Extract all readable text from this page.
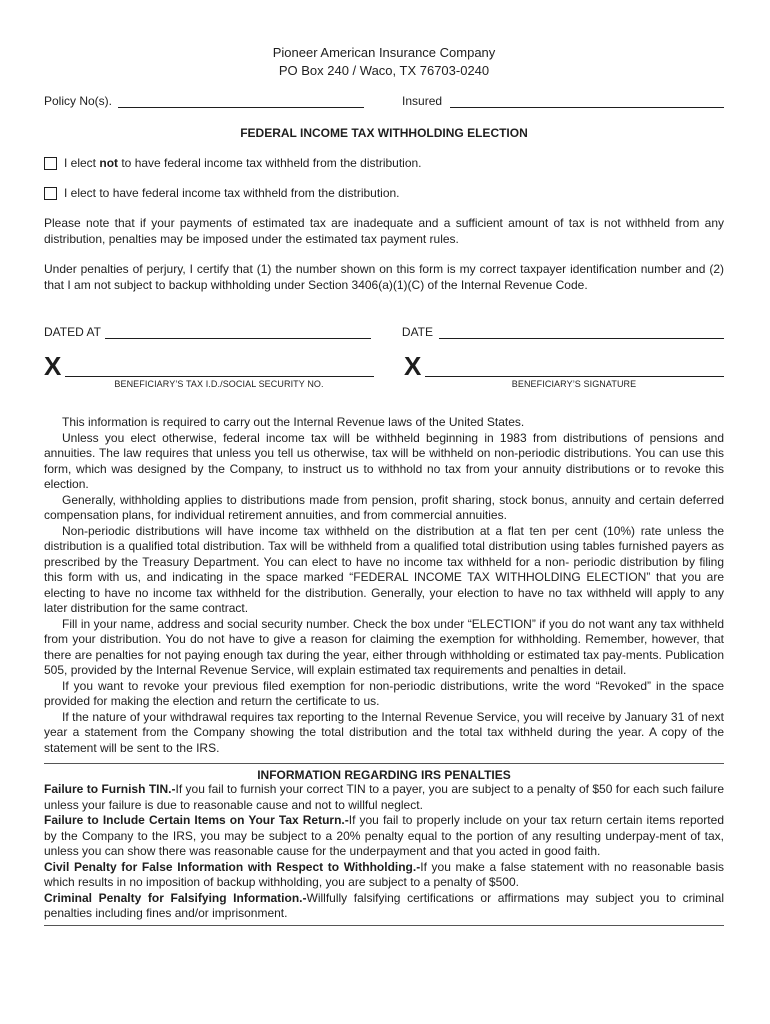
Pioneer American Insurance Company
PO Box 240 / Waco, TX 76703-0240
Policy No(s).	Insured
FEDERAL INCOME TAX WITHHOLDING ELECTION
I elect not to have federal income tax withheld from the distribution.
I elect to have federal income tax withheld from the distribution.

Please note that if your payments of estimated tax are inadequate and a sufficient amount of tax is not withheld from any distribution, penalties may be imposed under the estimated tax payment rules.

Under penalties of perjury, I certify that (1) the number shown on this form is my correct taxpayer identification number and (2) that I am not subject to backup withholding under Section 3406(a)(1)(C) of the Internal Revenue Code.

DATED AT	DATE
X
BENEFICIARY’S TAX I.D./SOCIAL SECURITY NO.
X
BENEFICIARY’S SIGNATURE

This information is required to carry out the Internal Revenue laws of the United States.

Unless you elect otherwise, federal income tax will be withheld beginning in 1983 from distributions of pensions and annuities. The law requires that unless you tell us otherwise, tax will be withheld on non-periodic distributions. You can use this form, which was designed by the Company, to instruct us to withhold no tax from your annuity distributions or to revoke this election.

Generally, withholding applies to distributions made from pension, profit sharing, stock bonus, annuity and certain deferred compensation plans, for individual retirement annuities, and from commercial annuities.

Non-periodic distributions will have income tax withheld on the distribution at a flat ten per cent (10%) rate unless the distribution is a qualified total distribution. Tax will be withheld from a qualified total distribution using tables furnished payers as prescribed by the Treasury Department. You can elect to have no income tax withheld for a non- periodic distribution by filing this form with us, and indicating in the space marked “FEDERAL INCOME TAX WITHHOLDING ELECTION” that you are electing to have no income tax withheld for the distribution. Generally, your election to have no tax withheld will apply to any later distribution for the same contract.

Fill in your name, address and social security number. Check the box under “ELECTION” if you do not want any tax withheld from your distribution. You do not have to give a reason for claiming the exemption for withholding. Remember, however, that there are penalties for not paying enough tax during the year, either through withholding or estimated tax pay-ments. Publication 505, provided by the Internal Revenue Service, will explain estimated tax requirements and penalties in detail.

If you want to revoke your previous filed exemption for non-periodic distributions, write the word “Revoked” in the space provided for making the election and return the certificate to us.

If the nature of your withdrawal requires tax reporting to the Internal Revenue Service, you will receive by January 31 of next year a statement from the Company showing the total distribution and the total tax withheld during the year. A copy of the statement will be sent to the IRS.

INFORMATION REGARDING IRS PENALTIES

Failure to Furnish TIN.-If you fail to furnish your correct TIN to a payer, you are subject to a penalty of $50 for each such failure unless your failure is due to reasonable cause and not to willful neglect.

Failure to Include Certain Items on Your Tax Return.-If you fail to properly include on your tax return certain items reported by the Company to the IRS, you may be subject to a 20% penalty equal to the portion of any resulting underpay-ment of tax, unless you can show there was reasonable cause for the underpayment and that you acted in good faith.

Civil Penalty for False Information with Respect to Withholding.-If you make a false statement with no reasonable basis which results in no imposition of backup withholding, you are subject to a penalty of $500.

Criminal Penalty for Falsifying Information.-Willfully falsifying certifications or affirmations may subject you to criminal penalties including fines and/or imprisonment.
